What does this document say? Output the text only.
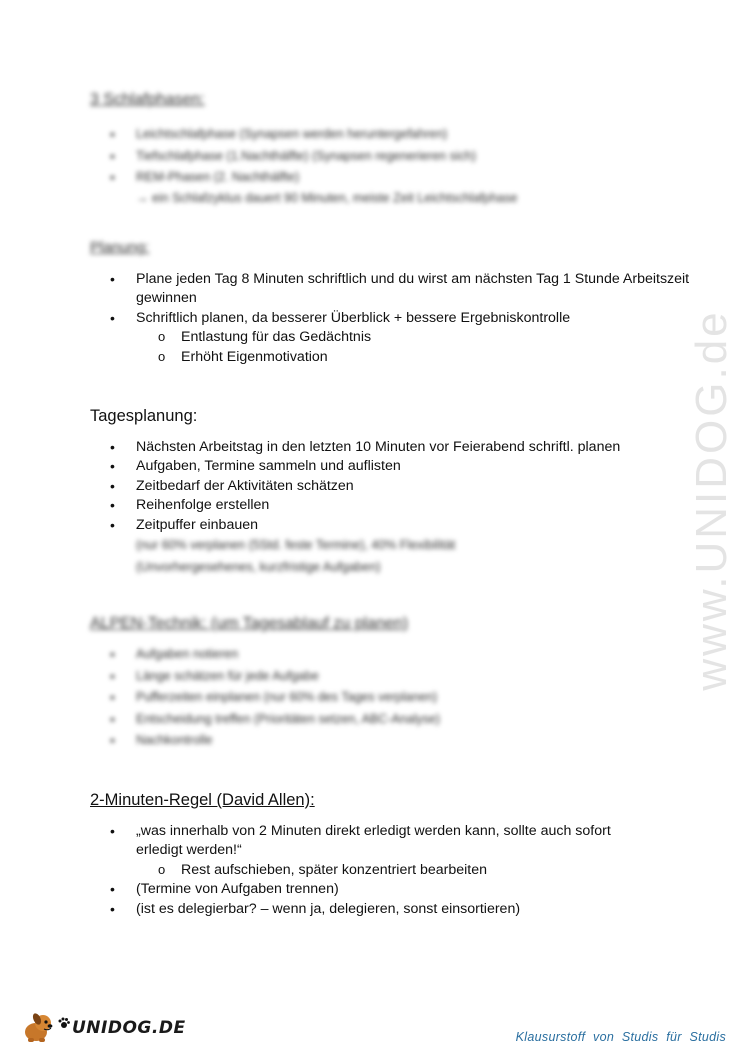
www.UNIDOG.de
3 Schlafphasen:
• Leichtschlafphase (Synapsen werden heruntergefahren)
• Tiefschlafphase (1.Nachthälfte) (Synapsen regenerieren sich)
• REM-Phasen (2. Nachthälfte)
→ ein Schlafzyklus dauert 90 Minuten, meiste Zeit Leichtschlafphase
Planung:
• Plane jeden Tag 8 Minuten schriftlich und du wirst am nächsten Tag 1 Stunde Arbeitszeit gewinnen
• Schriftlich planen, da besserer Überblick + bessere Ergebniskontrolle
o Entlastung für das Gedächtnis
o Erhöht Eigenmotivation
Tagesplanung:
• Nächsten Arbeitstag in den letzten 10 Minuten vor Feierabend schriftl. planen
• Aufgaben, Termine sammeln und auflisten
• Zeitbedarf der Aktivitäten schätzen
• Reihenfolge erstellen
• Zeitpuffer einbauen
(nur 60% verplanen (5Std. feste Termine), 40% Flexibilität
(Unvorhergesehenes, kurzfristige Aufgaben)
ALPEN-Technik: (um Tagesablauf zu planen)
• Aufgaben notieren
• Länge schätzen für jede Aufgabe
• Pufferzeiten einplanen (nur 60% des Tages verplanen)
• Entscheidung treffen (Prioritäten setzen, ABC-Analyse)
• Nachkontrolle
2-Minuten-Regel (David Allen):
• „was innerhalb von 2 Minuten direkt erledigt werden kann, sollte auch sofort erledigt werden!“
o Rest aufschieben, später konzentriert bearbeiten
• (Termine von Aufgaben trennen)
• (ist es delegierbar? – wenn ja, delegieren, sonst einsortieren)
UNIDOG.DE	Klausurstoff von Studis für Studis
